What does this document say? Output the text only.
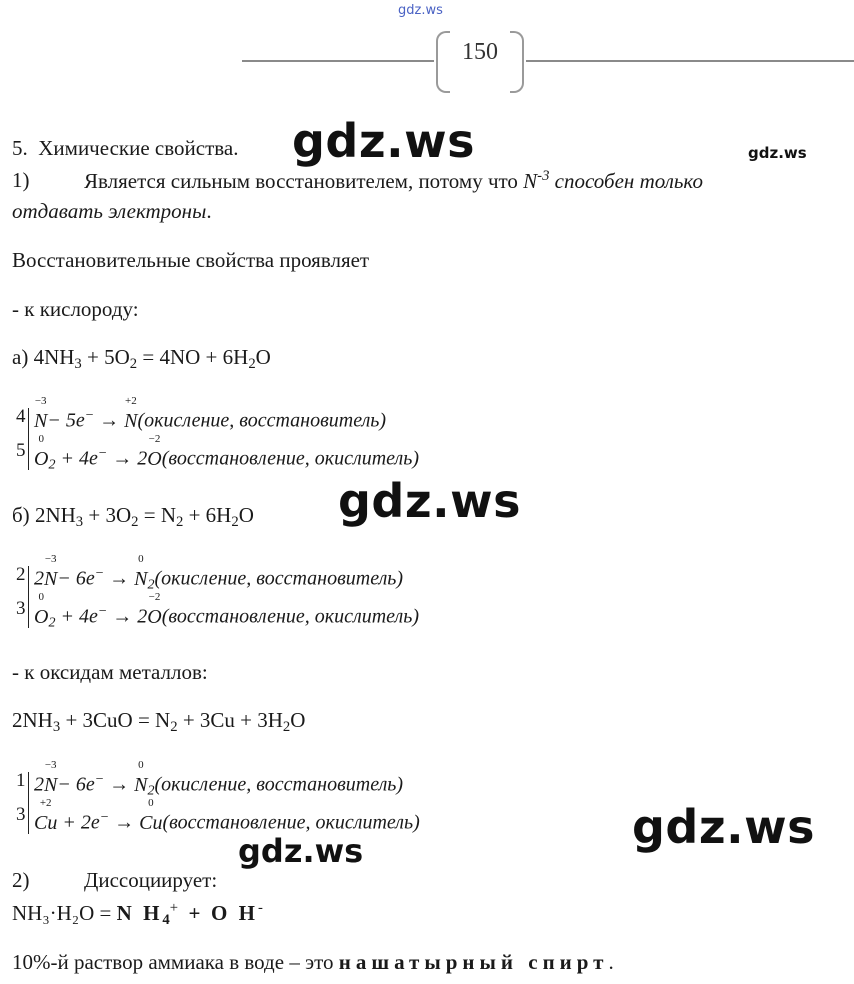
gdz.ws
150
5.  Химические свойства. gdz.ws	gdz.ws
1)	Является сильным восстановителем, потому что $N^{-3}$ способен только
отдавать электроны.
Восстановительные свойства проявляет
- к кислороду:
а) $4NH_3 + 5O_2 = 4NO + 6H_2O$
4
5
−3
N− 5e− →
+2
N(окисление, восстановитель)
0
$O_2 + 4e^- \to 2$
−2
O(восстановление, окислитель)
gdz.ws
б) $2NH_3 + 3O_2 = N_2 + 6H_2O$
2
3
2
−3
N− 6e− →
0
$N_2(окисление$, восстановитель)
0
$O_2 + 4e^- \to 2$
−2
O(восстановление, окислитель)
- к оксидам металлов:
$2NH_3 + 3CuO = N_2 + 3Cu + 3H_2O$
1
3
2
−3
N− 6e− →
0
$N_2(окисление$, восстановитель)
+2
Cu + 2e− →
0
Cu(восстановление, окислитель)	gdz.ws
gdz.ws
2)	Диссоциирует:
NH₃·H₂O = N $H_4^+ + O$ H-
10%-й раствор аммиака в воде – это нашатырный спирт.
